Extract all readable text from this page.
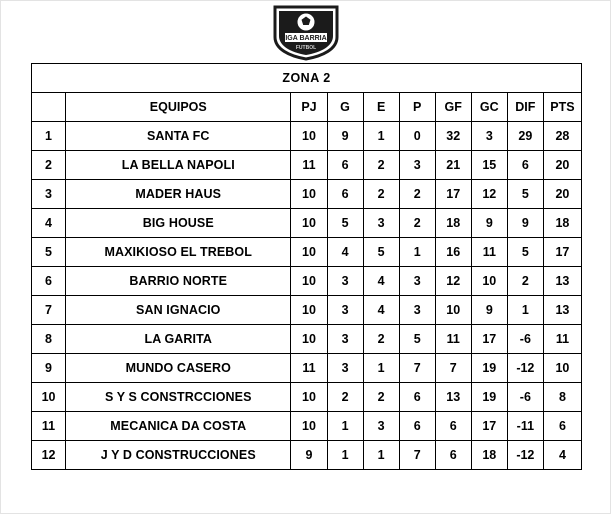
LIGA BARRIAL
FUTBOL
ZONA 2									
	EQUIPOS	PJ	G	E	P	GF	GC	DIF	PTS
1	SANTA FC	10	9	1	0	32	3	29	28
2	LA BELLA NAPOLI	11	6	2	3	21	15	6	20
3	MADER HAUS	10	6	2	2	17	12	5	20
4	BIG HOUSE	10	5	3	2	18	9	9	18
5	MAXIKIOSO EL TREBOL	10	4	5	1	16	11	5	17
6	BARRIO NORTE	10	3	4	3	12	10	2	13
7	SAN IGNACIO	10	3	4	3	10	9	1	13
8	LA GARITA	10	3	2	5	11	17	-6	11
9	MUNDO CASERO	11	3	1	7	7	19	-12	10
10	S Y S CONSTRCCIONES	10	2	2	6	13	19	-6	8
11	MECANICA DA COSTA	10	1	3	6	6	17	-11	6
12	J Y D CONSTRUCCIONES	9	1	1	7	6	18	-12	4
